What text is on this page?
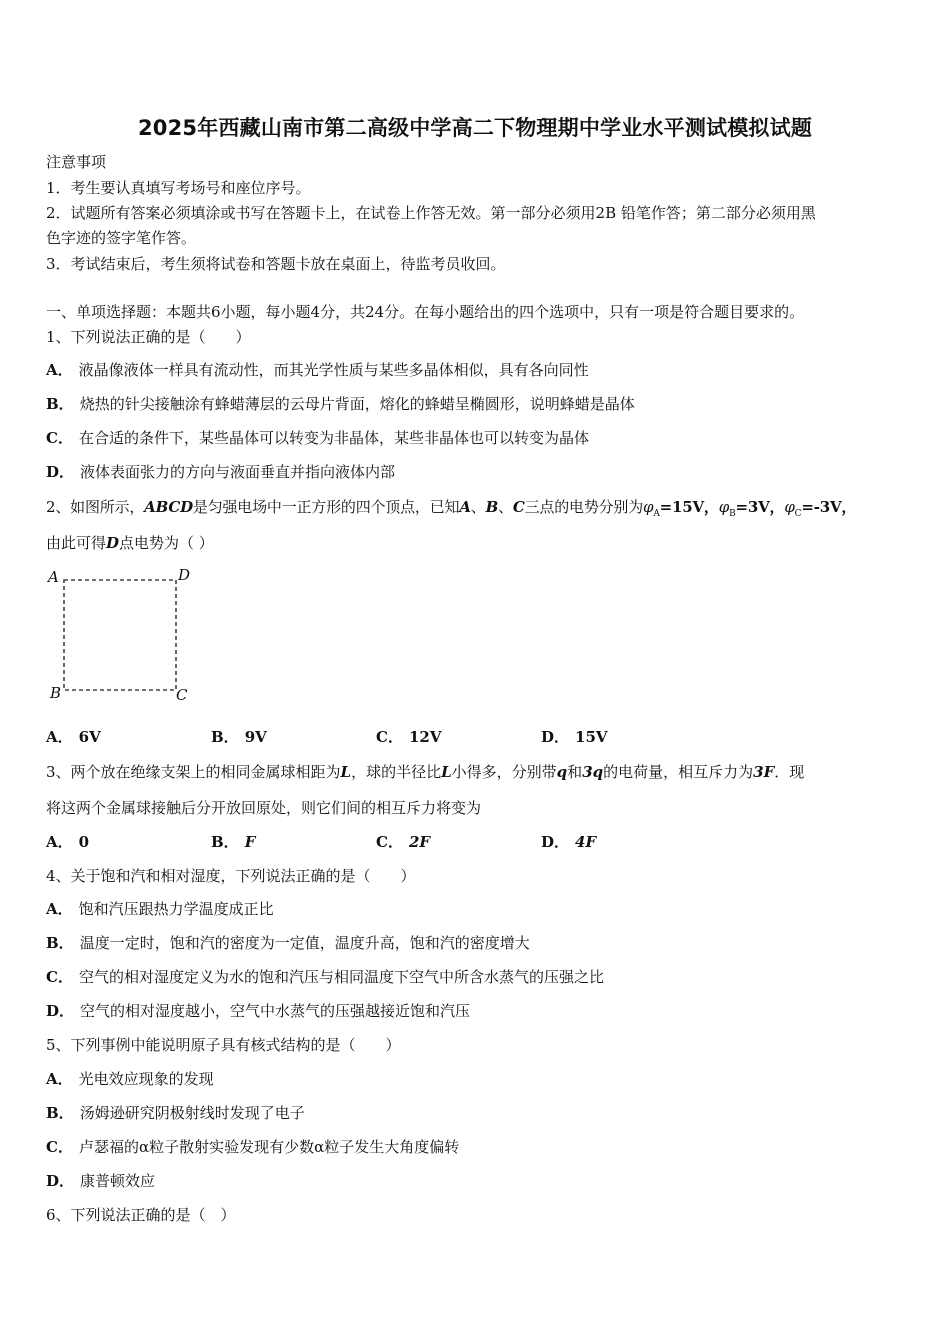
2025年西藏山南市第二高级中学高二下物理期中学业水平测试模拟试题
注意事项
1．考生要认真填写考场号和座位序号。
2．试题所有答案必须填涂或书写在答题卡上，在试卷上作答无效。第一部分必须用2B 铅笔作答；第二部分必须用黑
色字迹的签字笔作答。
3．考试结束后，考生须将试卷和答题卡放在桌面上，待监考员收回。
一、单项选择题：本题共6小题，每小题4分，共24分。在每小题给出的四个选项中，只有一项是符合题目要求的。
1、下列说法正确的是（　　）
A． 液晶像液体一样具有流动性，而其光学性质与某些多晶体相似，具有各向同性
B． 烧热的针尖接触涂有蜂蜡薄层的云母片背面，熔化的蜂蜡呈椭圆形，说明蜂蜡是晶体
C． 在合适的条件下，某些晶体可以转变为非晶体，某些非晶体也可以转变为晶体
D． 液体表面张力的方向与液面垂直并指向液体内部
2、如图所示，ABCD是匀强电场中一正方形的四个顶点，已知A、B、C三点的电势分别为$\varphi_A=15V$，$\varphi_B=3V$，$\varphi_C=-3V$，
由此可得D点电势为（ ）
A	D
B	C
A． 6V	B． 9V	C． 12V	D． 15V
3、两个放在绝缘支架上的相同金属球相距为L，球的半径比L小得多，分别带q和3q的电荷量，相互斥力为3F．现
将这两个金属球接触后分开放回原处，则它们间的相互斥力将变为
A． 0	B． F	C． 2F	D． 4F
4、关于饱和汽和相对湿度，下列说法正确的是（　　）
A． 饱和汽压跟热力学温度成正比
B． 温度一定时，饱和汽的密度为一定值，温度升高，饱和汽的密度增大
C． 空气的相对湿度定义为水的饱和汽压与相同温度下空气中所含水蒸气的压强之比
D． 空气的相对湿度越小，空气中水蒸气的压强越接近饱和汽压
5、下列事例中能说明原子具有核式结构的是（　　）
A． 光电效应现象的发现
B． 汤姆逊研究阴极射线时发现了电子
C． 卢瑟福的α粒子散射实验发现有少数α粒子发生大角度偏转
D． 康普顿效应
6、下列说法正确的是（　）
